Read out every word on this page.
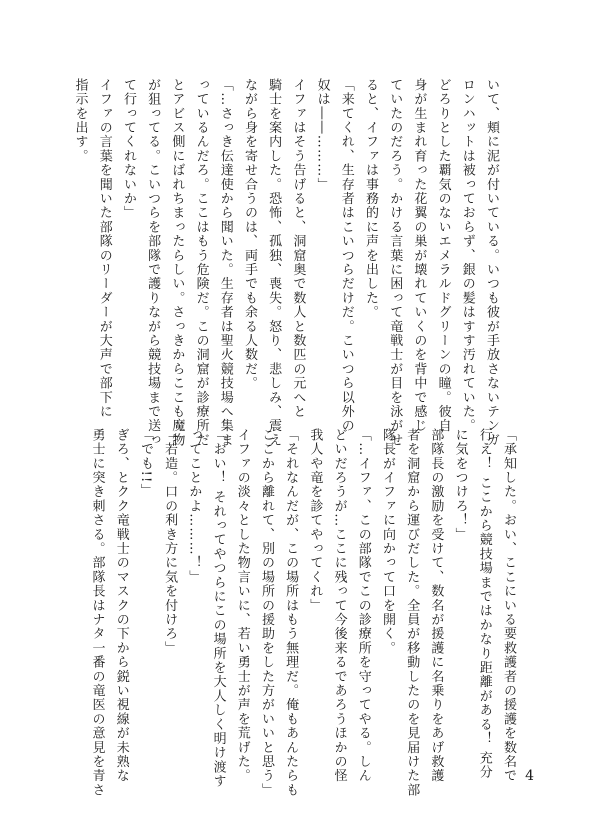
いて、頬に泥が付いている。いつも彼が手放さないテンガ
ロンハットは被っておらず、銀の髪はすす汚れていた。
どろりとした覇気のないエメラルドグリーンの瞳。彼自
身が生まれ育った花翼の巣が壊れていくのを背中で感じ
ていたのだろう。かける言葉に困って竜戦士が目を泳がせ
ると、イファは事務的に声を出した。
「来てくれ、生存者はこいつらだけだ。こいつら以外の
奴は――………」
イファはそう告げると、洞窟奥で数人と数匹の元へと
騎士を案内した。恐怖、孤独、喪失。怒り、悲しみ、震え
ながら身を寄せ合うのは、両手でも余る人数だ。
「…さっき伝達使から聞いた。生存者は聖火競技場へ集ま
っているんだろ。ここはもう危険だ。この洞窟が診療所だ
とアビス側にばれちまったらしい。さっきからここも魔物
が狙ってる。こいつらを部隊で護りながら競技場まで送っ
て行ってくれないか」
イファの言葉を聞いた部隊のリーダーが大声で部下に
指示を出す。
「承知した。おい、ここにいる要救護者の援護を数名で
行え！ ここから競技場まではかなり距離がある！ 充分
に気をつけろ！」
部隊長の激励を受けて、数名が援護に名乗りをあげ救護
者を洞窟から運びだした。全員が移動したのを見届けた部
隊長がイファに向かって口を開く。
「…イファ、この部隊でこの診療所を守ってやる。しん
どいだろうが…ここに残って今後来るであろうほかの怪
我人や竜を診てやってくれ」
「それなんだが、この場所はもう無理だ。俺もあんたらも
ここから離れて、別の場所の援助をした方がいいと思う」
イファの淡々とした物言いに、若い勇士が声を荒げた。
「おい！ それってやつらにこの場所を大人しく明け渡す
ってことかよ………！」
「若造。口の利き方に気を付けろ」
「でも!!」
ぎろ、とクク竜戦士のマスクの下から鋭い視線が未熟な
勇士に突き刺さる。部隊長はナタ一番の竜医の意見を青さ	4
